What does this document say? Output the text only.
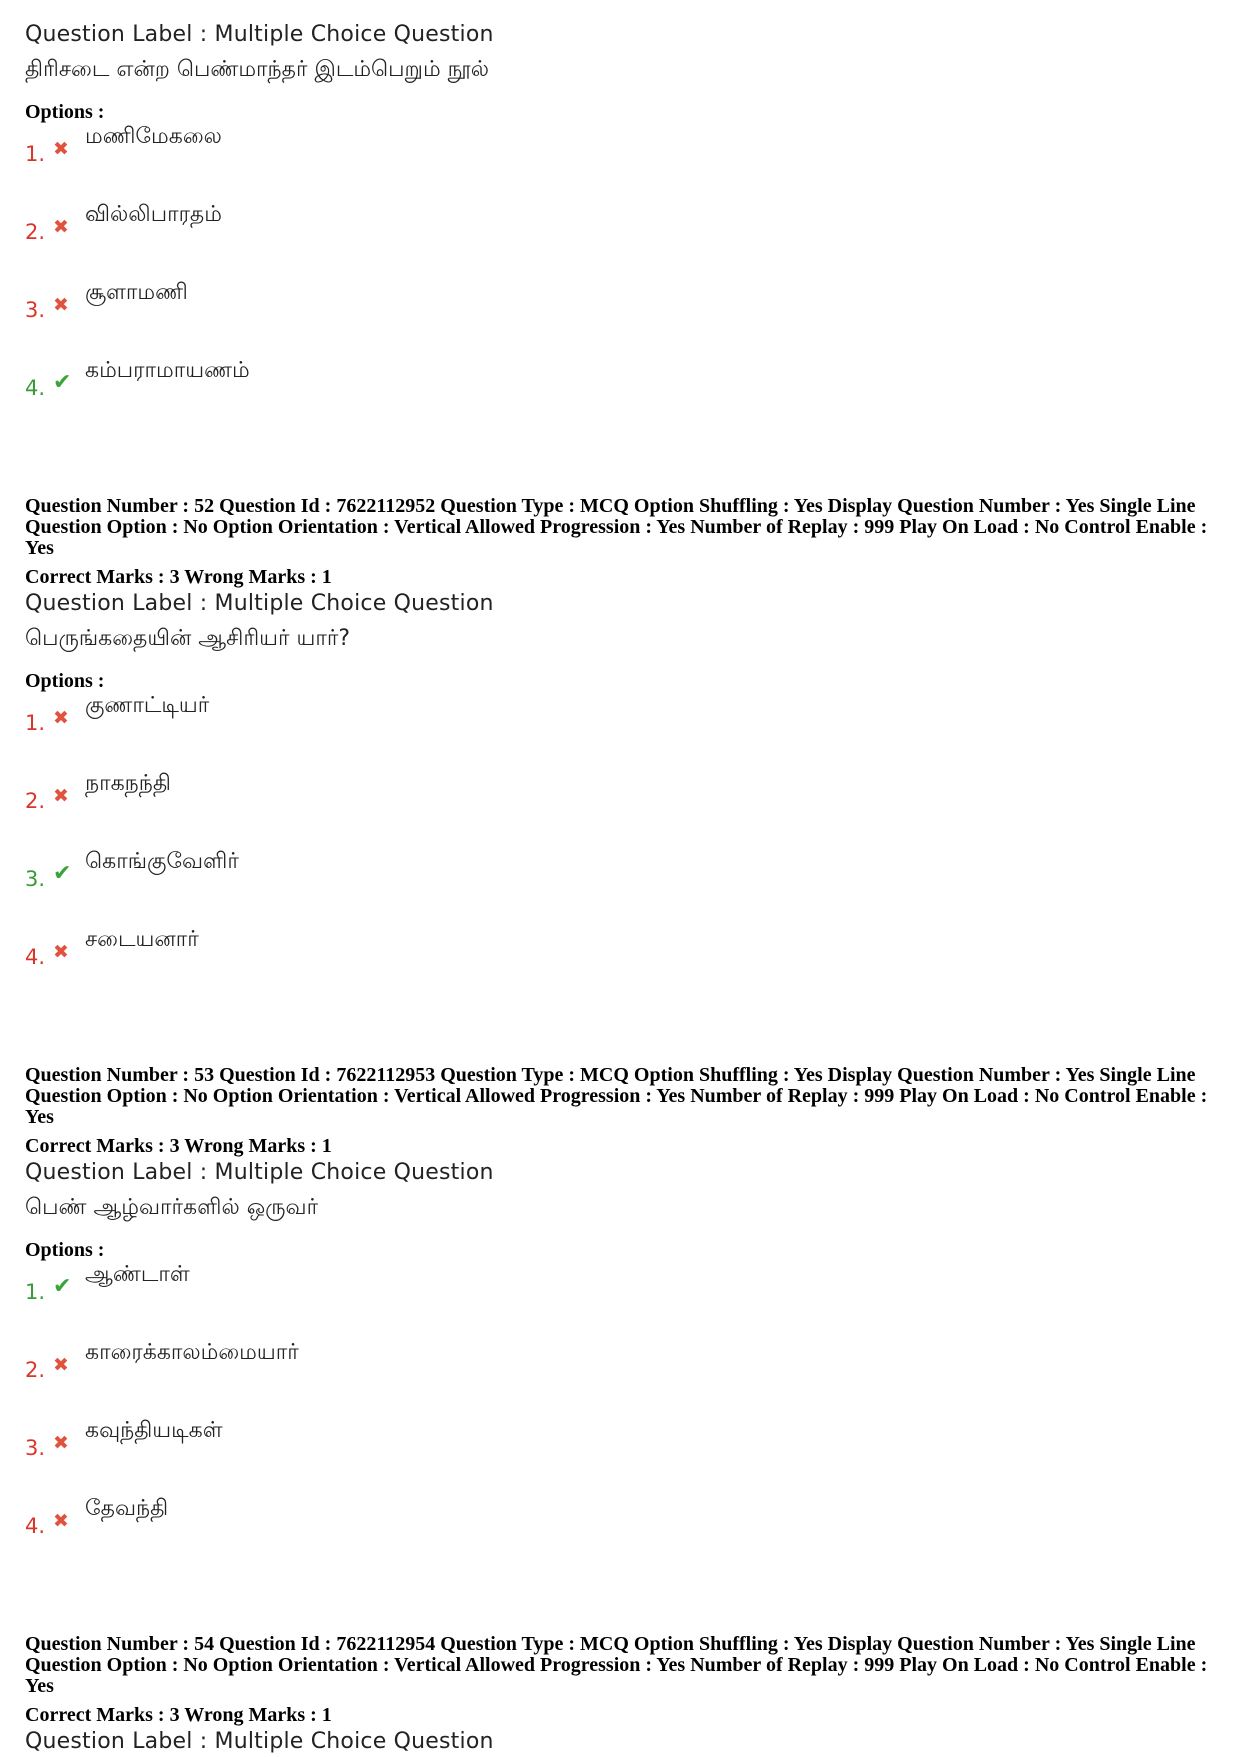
Question Label : Multiple Choice Question
திரிசடை என்ற பெண்மாந்தர் இடம்பெறும் நூல்
Options :
1. ✖ மணிமேகலை
2. ✖ வில்லிபாரதம்
3. ✖ சூளாமணி
4. ✔ கம்பராமாயணம்
Question Number : 52 Question Id : 7622112952 Question Type : MCQ Option Shuffling : Yes Display Question Number : Yes Single Line Question Option : No Option Orientation : Vertical Allowed Progression : Yes Number of Replay : 999 Play On Load : No Control Enable : Yes
Correct Marks : 3 Wrong Marks : 1
Question Label : Multiple Choice Question
பெருங்கதையின் ஆசிரியர் யார்?
Options :
1. ✖ குணாட்டியர்
2. ✖ நாகநந்தி
3. ✔ கொங்குவேளிர்
4. ✖ சடையனார்
Question Number : 53 Question Id : 7622112953 Question Type : MCQ Option Shuffling : Yes Display Question Number : Yes Single Line Question Option : No Option Orientation : Vertical Allowed Progression : Yes Number of Replay : 999 Play On Load : No Control Enable : Yes
Correct Marks : 3 Wrong Marks : 1
Question Label : Multiple Choice Question
பெண் ஆழ்வார்களில் ஒருவர்
Options :
1. ✔ ஆண்டாள்
2. ✖ காரைக்காலம்மையார்
3. ✖ கவுந்தியடிகள்
4. ✖ தேவந்தி
Question Number : 54 Question Id : 7622112954 Question Type : MCQ Option Shuffling : Yes Display Question Number : Yes Single Line Question Option : No Option Orientation : Vertical Allowed Progression : Yes Number of Replay : 999 Play On Load : No Control Enable : Yes
Correct Marks : 3 Wrong Marks : 1
Question Label : Multiple Choice Question
